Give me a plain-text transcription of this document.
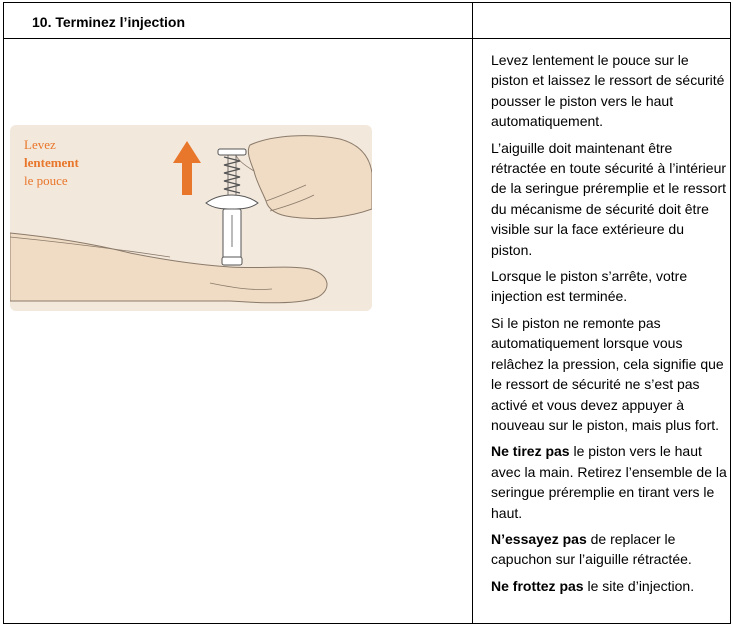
10. Terminez l’injection
Levez
lentement
le pouce

Levez lentement le pouce sur le piston et laissez le ressort de sécurité pousser le piston vers le haut automatiquement.

L’aiguille doit maintenant être rétractée en toute sécurité à l’intérieur de la seringue préremplie et le ressort du mécanisme de sécurité doit être visible sur la face extérieure du piston.

Lorsque le piston s’arrête, votre injection est terminée.

Si le piston ne remonte pas automatiquement lorsque vous relâchez la pression, cela signifie que le ressort de sécurité ne s’est pas activé et vous devez appuyer à nouveau sur le piston, mais plus fort.

Ne tirez pas le piston vers le haut avec la main. Retirez l’ensemble de la seringue préremplie en tirant vers le haut.

N’essayez pas de replacer le capuchon sur l’aiguille rétractée.

Ne frottez pas le site d’injection.
